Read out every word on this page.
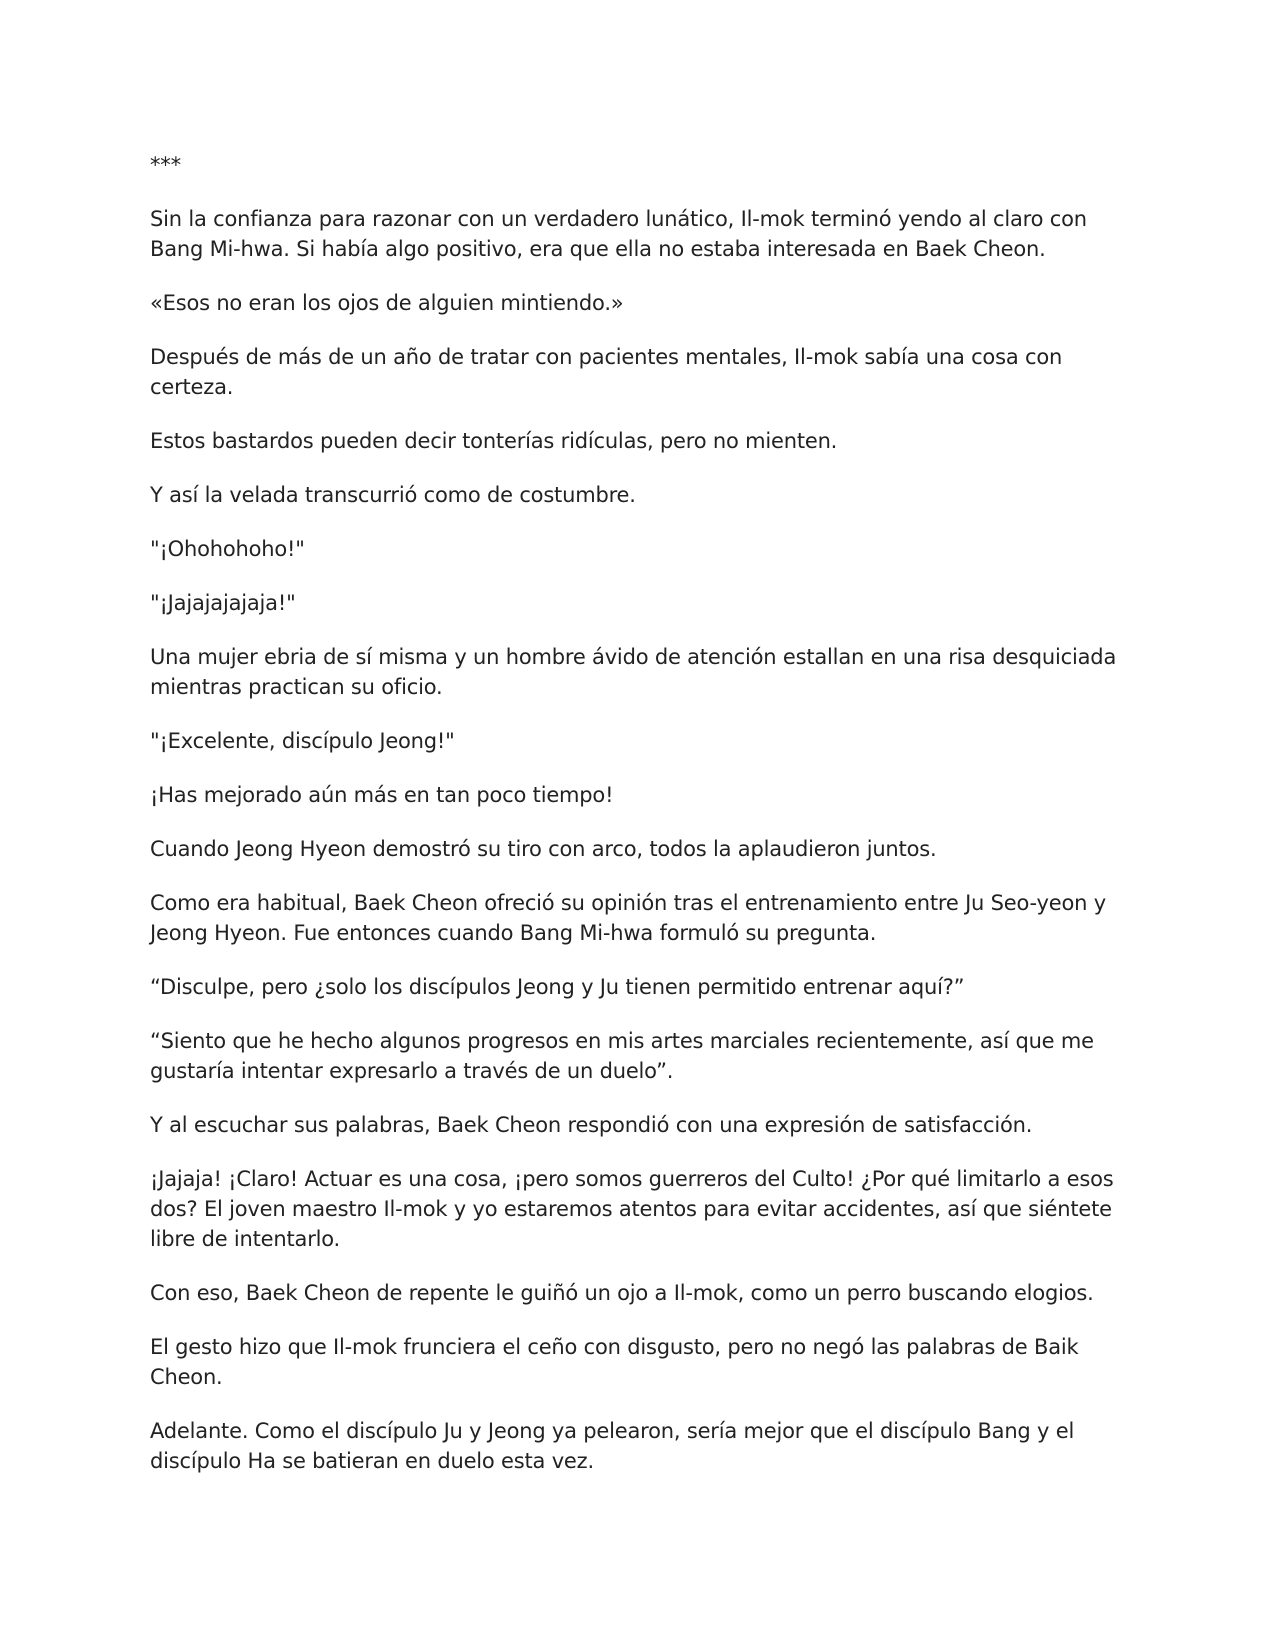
***

Sin la confianza para razonar con un verdadero lunático, Il-mok terminó yendo al claro con Bang Mi-hwa. Si había algo positivo, era que ella no estaba interesada en Baek Cheon.

«Esos no eran los ojos de alguien mintiendo.»

Después de más de un año de tratar con pacientes mentales, Il-mok sabía una cosa con certeza.

Estos bastardos pueden decir tonterías ridículas, pero no mienten.

Y así la velada transcurrió como de costumbre.

"¡Ohohohoho!"

"¡Jajajajajaja!"

Una mujer ebria de sí misma y un hombre ávido de atención estallan en una risa desquiciada mientras practican su oficio.

"¡Excelente, discípulo Jeong!"

¡Has mejorado aún más en tan poco tiempo!

Cuando Jeong Hyeon demostró su tiro con arco, todos la aplaudieron juntos.

Como era habitual, Baek Cheon ofreció su opinión tras el entrenamiento entre Ju Seo-yeon y Jeong Hyeon. Fue entonces cuando Bang Mi-hwa formuló su pregunta.

“Disculpe, pero ¿solo los discípulos Jeong y Ju tienen permitido entrenar aquí?”

“Siento que he hecho algunos progresos en mis artes marciales recientemente, así que me gustaría intentar expresarlo a través de un duelo”.

Y al escuchar sus palabras, Baek Cheon respondió con una expresión de satisfacción.

¡Jajaja! ¡Claro! Actuar es una cosa, ¡pero somos guerreros del Culto! ¿Por qué limitarlo a esos dos? El joven maestro Il-mok y yo estaremos atentos para evitar accidentes, así que siéntete libre de intentarlo.

Con eso, Baek Cheon de repente le guiñó un ojo a Il-mok, como un perro buscando elogios.

El gesto hizo que Il-mok frunciera el ceño con disgusto, pero no negó las palabras de Baik Cheon.

Adelante. Como el discípulo Ju y Jeong ya pelearon, sería mejor que el discípulo Bang y el discípulo Ha se batieran en duelo esta vez.
